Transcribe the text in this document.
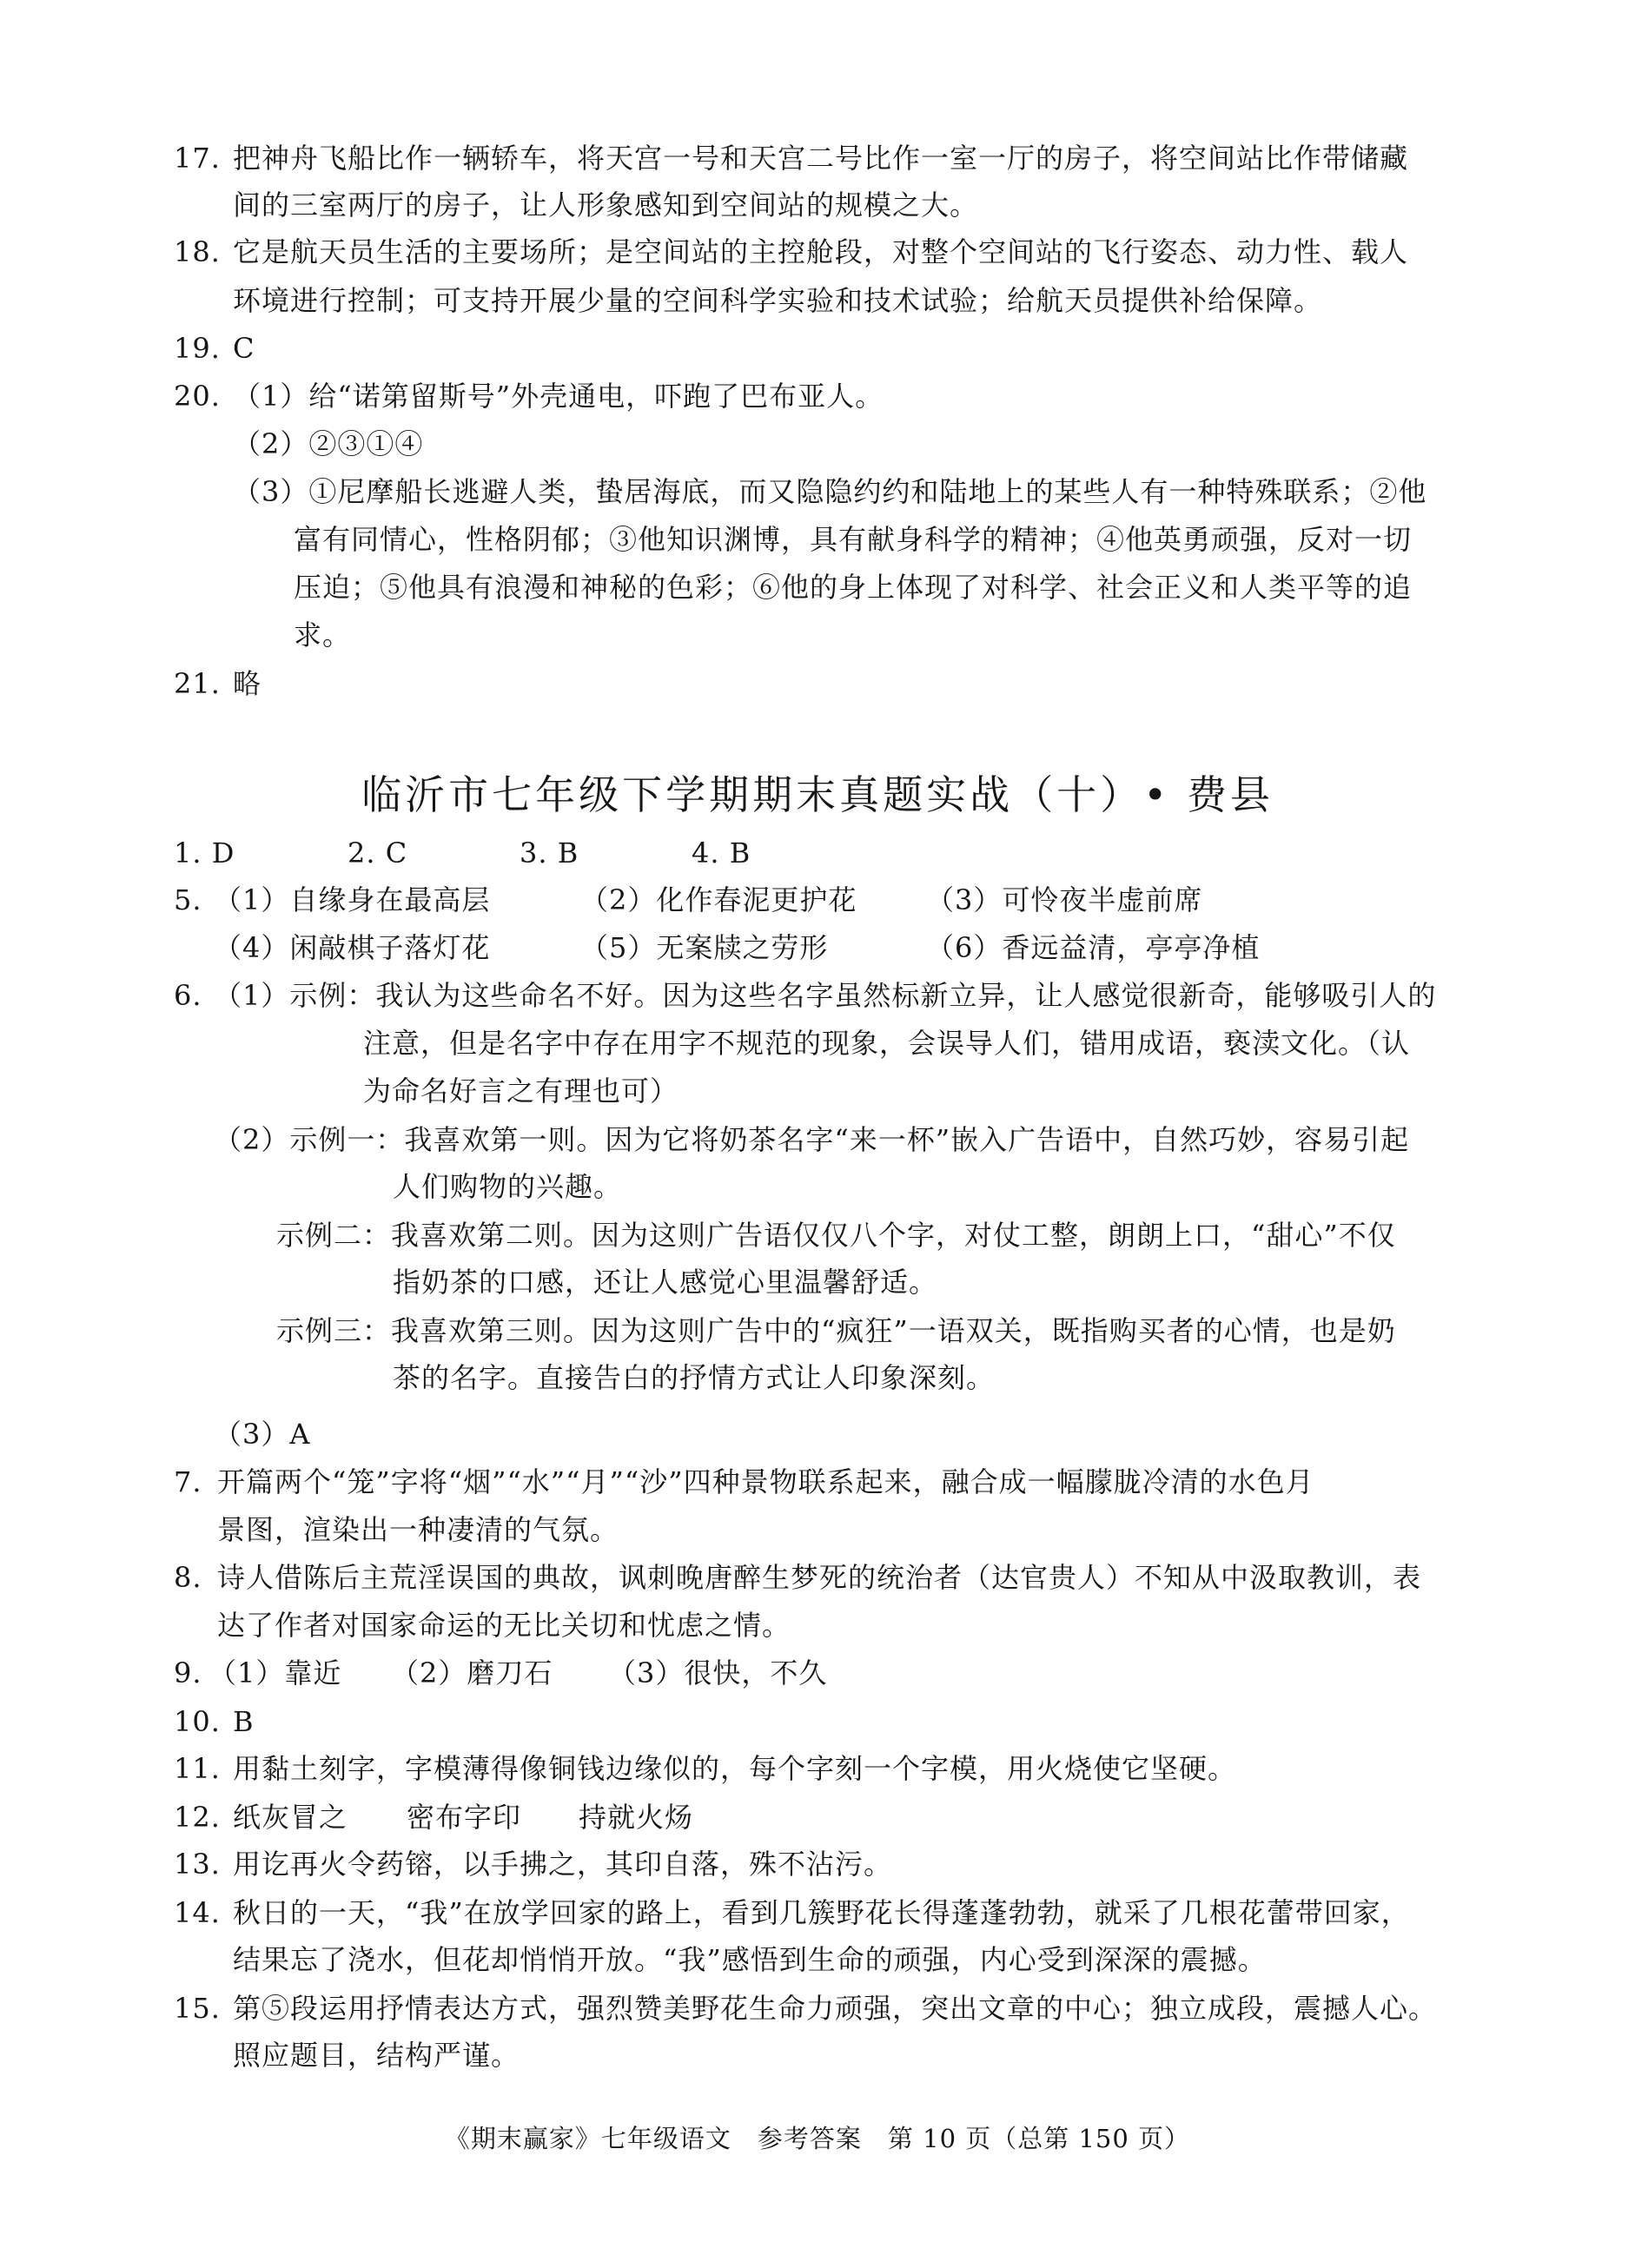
17. 把神舟飞船比作一辆轿车，将天宫一号和天宫二号比作一室一厅的房子，将空间站比作带储藏
间的三室两厅的房子，让人形象感知到空间站的规模之大。
18. 它是航天员生活的主要场所；是空间站的主控舱段，对整个空间站的飞行姿态、动力性、载人
环境进行控制；可支持开展少量的空间科学实验和技术试验；给航天员提供补给保障。
19. C
20. （1）给“诺第留斯号”外壳通电，吓跑了巴布亚人。
（2）②③①④
（3）①尼摩船长逃避人类，蛰居海底，而又隐隐约约和陆地上的某些人有一种特殊联系；②他
富有同情心，性格阴郁；③他知识渊博，具有献身科学的精神；④他英勇顽强，反对一切
压迫；⑤他具有浪漫和神秘的色彩；⑥他的身上体现了对科学、社会正义和人类平等的追
求。
21. 略
临沂市七年级下学期期末真题实战（十）• 费县
1. D	2. C	3. B	4. B
5. （1）自缘身在最高层	（2）化作春泥更护花 （3）可怜夜半虚前席
（4）闲敲棋子落灯花	（5）无案牍之劳形	（6）香远益清，亭亭净植
6. （1）示例：我认为这些命名不好。因为这些名字虽然标新立异，让人感觉很新奇，能够吸引人的
注意，但是名字中存在用字不规范的现象，会误导人们，错用成语，亵渎文化。（认
为命名好言之有理也可）
（2）示例一：我喜欢第一则。因为它将奶茶名字“来一杯”嵌入广告语中，自然巧妙，容易引起
人们购物的兴趣。
示例二：我喜欢第二则。因为这则广告语仅仅八个字，对仗工整，朗朗上口，“甜心”不仅
指奶茶的口感，还让人感觉心里温馨舒适。
示例三：我喜欢第三则。因为这则广告中的“疯狂”一语双关，既指购买者的心情，也是奶
茶的名字。直接告白的抒情方式让人印象深刻。
（3）A
7. 开篇两个“笼”字将“烟”“水”“月”“沙”四种景物联系起来，融合成一幅朦胧冷清的水色月
景图，渲染出一种凄清的气氛。
8. 诗人借陈后主荒淫误国的典故，讽刺晚唐醉生梦死的统治者（达官贵人）不知从中汲取教训，表
达了作者对国家命运的无比关切和忧虑之情。
9. （1）靠近 （2）磨刀石 （3）很快，不久
10. B
11. 用黏土刻字，字模薄得像铜钱边缘似的，每个字刻一个字模，用火烧使它坚硬。
12. 纸灰冒之 密布字印 持就火炀
13. 用讫再火令药镕，以手拂之，其印自落，殊不沾污。
14. 秋日的一天，“我”在放学回家的路上，看到几簇野花长得蓬蓬勃勃，就采了几根花蕾带回家，
结果忘了浇水，但花却悄悄开放。“我”感悟到生命的顽强，内心受到深深的震撼。
15. 第⑤段运用抒情表达方式，强烈赞美野花生命力顽强，突出文章的中心；独立成段，震撼人心。
照应题目，结构严谨。
《期末赢家》七年级语文　参考答案　第 10 页（总第 150 页）
